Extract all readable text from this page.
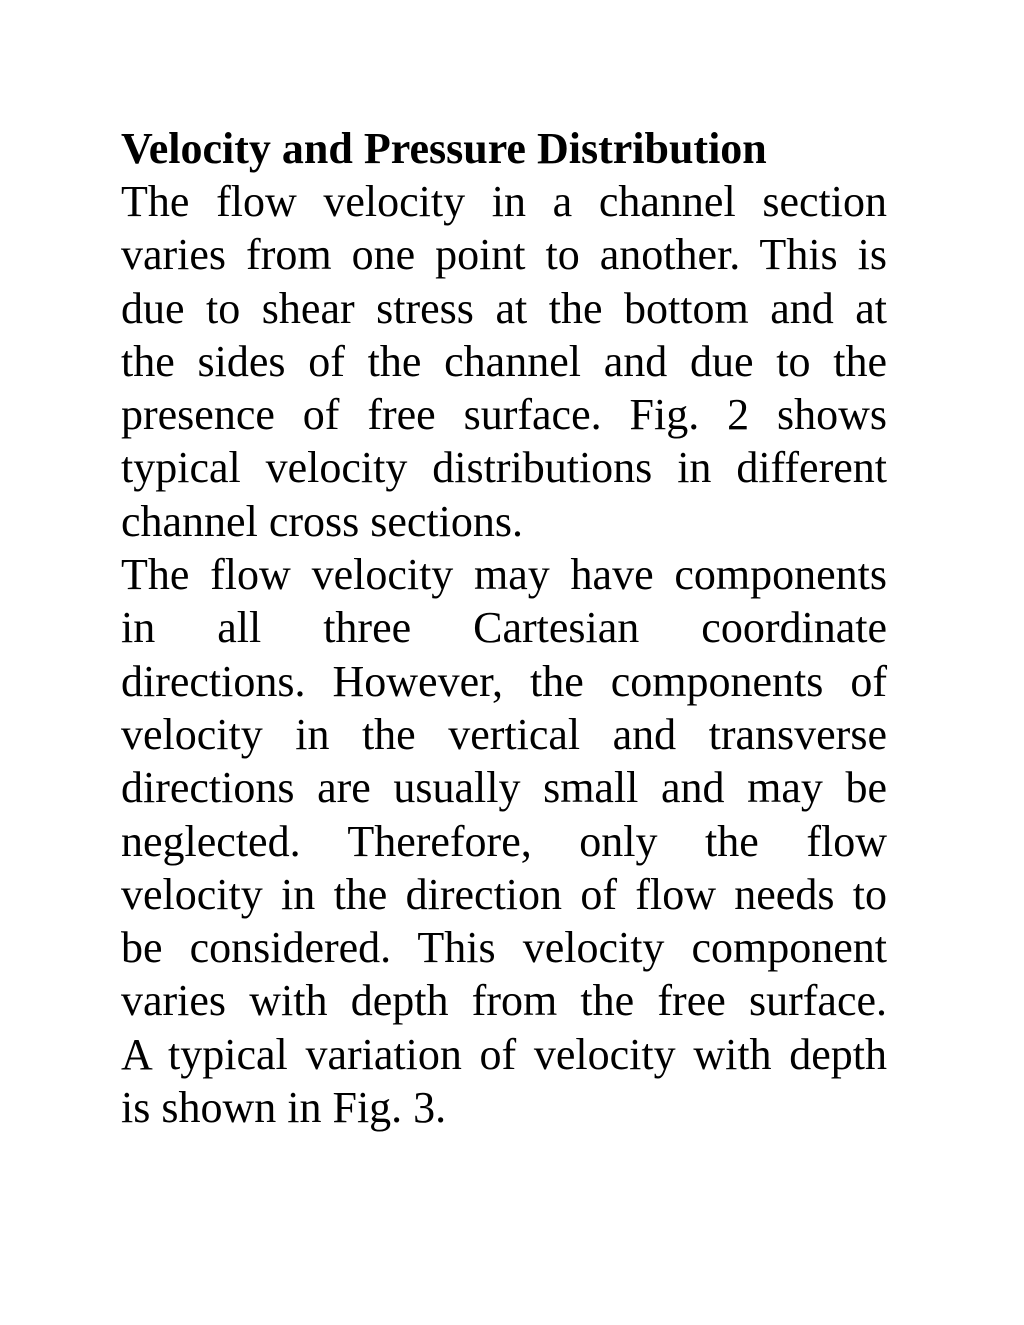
Velocity and Pressure Distribution

The flow velocity in a channel section
varies from one point to another. This is
due to shear stress at the bottom and at
the sides of the channel and due to the
presence of free surface. Fig. 2 shows
typical velocity distributions in different
channel cross sections.

The flow velocity may have components
in all three Cartesian coordinate
directions. However, the components of
velocity in the vertical and transverse
directions are usually small and may be
neglected. Therefore, only the flow
velocity in the direction of flow needs to
be considered. This velocity component
varies with depth from the free surface.
A typical variation of velocity with depth
is shown in Fig. 3.
